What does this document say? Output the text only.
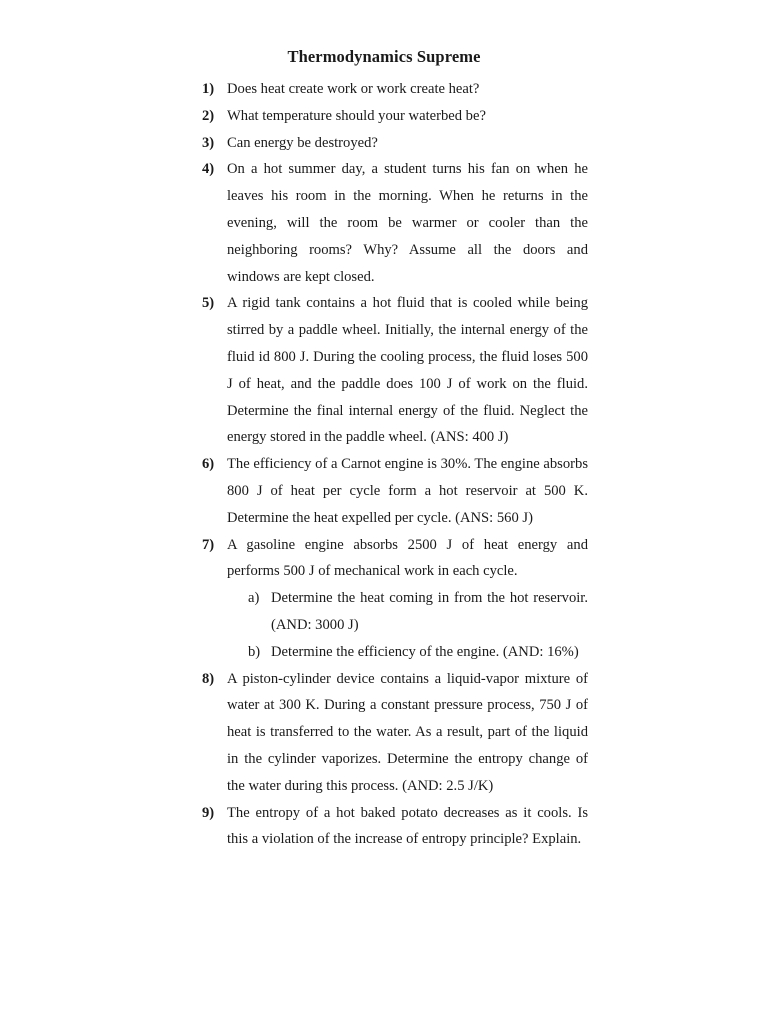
Thermodynamics Supreme
1) Does heat create work or work create heat?
2) What temperature should your waterbed be?
3) Can energy be destroyed?
4) On a hot summer day, a student turns his fan on when he leaves his room in the morning. When he returns in the evening, will the room be warmer or cooler than the neighboring rooms? Why? Assume all the doors and windows are kept closed.
5) A rigid tank contains a hot fluid that is cooled while being stirred by a paddle wheel. Initially, the internal energy of the fluid id 800 J. During the cooling process, the fluid loses 500 J of heat, and the paddle does 100 J of work on the fluid. Determine the final internal energy of the fluid. Neglect the energy stored in the paddle wheel. (ANS: 400 J)
6) The efficiency of a Carnot engine is 30%. The engine absorbs 800 J of heat per cycle form a hot reservoir at 500 K. Determine the heat expelled per cycle. (ANS: 560 J)
7) A gasoline engine absorbs 2500 J of heat energy and performs 500 J of mechanical work in each cycle.
a) Determine the heat coming in from the hot reservoir. (AND: 3000 J)
b) Determine the efficiency of the engine. (AND: 16%)
8) A piston-cylinder device contains a liquid-vapor mixture of water at 300 K. During a constant pressure process, 750 J of heat is transferred to the water. As a result, part of the liquid in the cylinder vaporizes. Determine the entropy change of the water during this process. (AND: 2.5 J/K)
9) The entropy of a hot baked potato decreases as it cools. Is this a violation of the increase of entropy principle? Explain.
